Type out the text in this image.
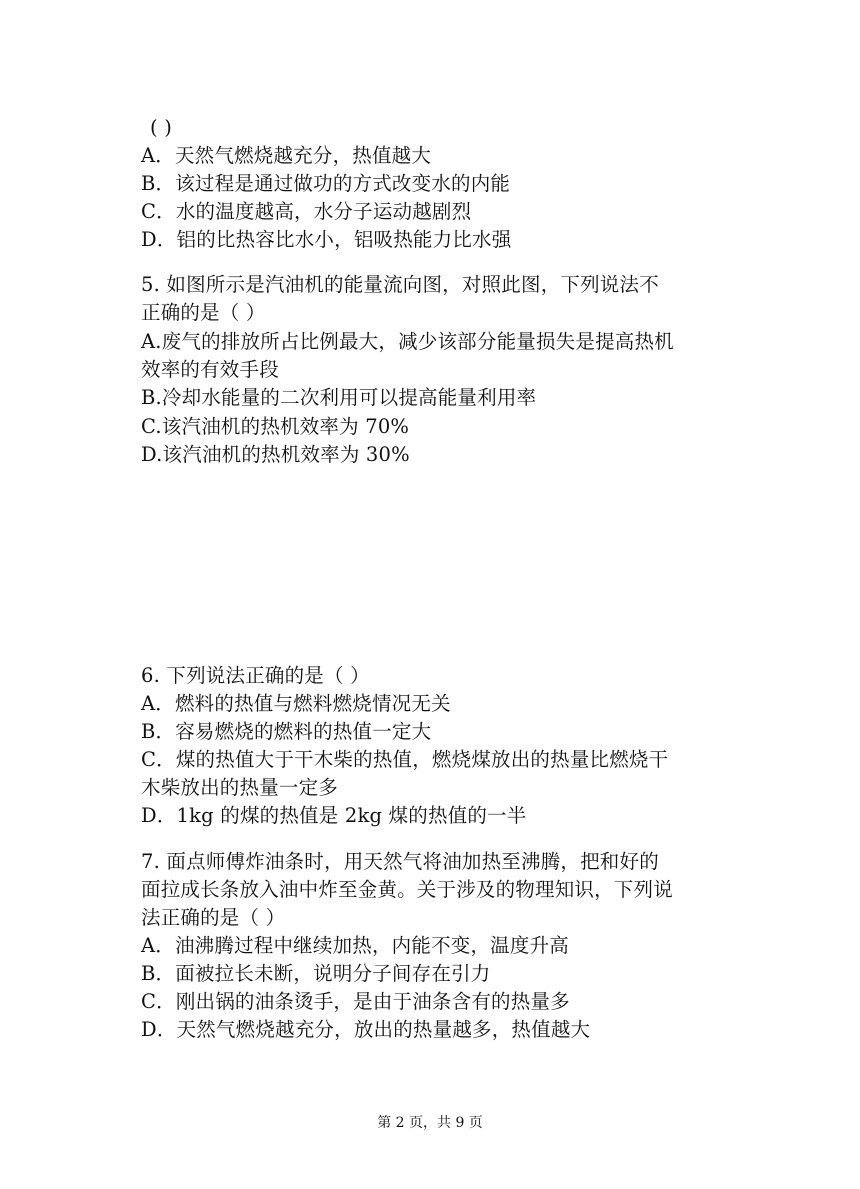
( )
A．天然气燃烧越充分，热值越大
B．该过程是通过做功的方式改变水的内能
C．水的温度越高，水分子运动越剧烈
D．铝的比热容比水小，铝吸热能力比水强
5. 如图所示是汽油机的能量流向图，对照此图，下列说法不
正确的是（ ）
A.废气的排放所占比例最大，减少该部分能量损失是提高热机
效率的有效手段
B.冷却水能量的二次利用可以提高能量利用率
C.该汽油机的热机效率为 70%
D.该汽油机的热机效率为 30%
6. 下列说法正确的是（ ）
A．燃料的热值与燃料燃烧情况无关
B．容易燃烧的燃料的热值一定大
C．煤的热值大于干木柴的热值，燃烧煤放出的热量比燃烧干
木柴放出的热量一定多
D．1kg 的煤的热值是 2kg 煤的热值的一半
7. 面点师傅炸油条时，用天然气将油加热至沸腾，把和好的
面拉成长条放入油中炸至金黄。关于涉及的物理知识，下列说
法正确的是（ ）
A．油沸腾过程中继续加热，内能不变，温度升高
B．面被拉长未断，说明分子间存在引力
C．刚出锅的油条烫手，是由于油条含有的热量多
D．天然气燃烧越充分，放出的热量越多，热值越大
第 2 页，共 9 页
